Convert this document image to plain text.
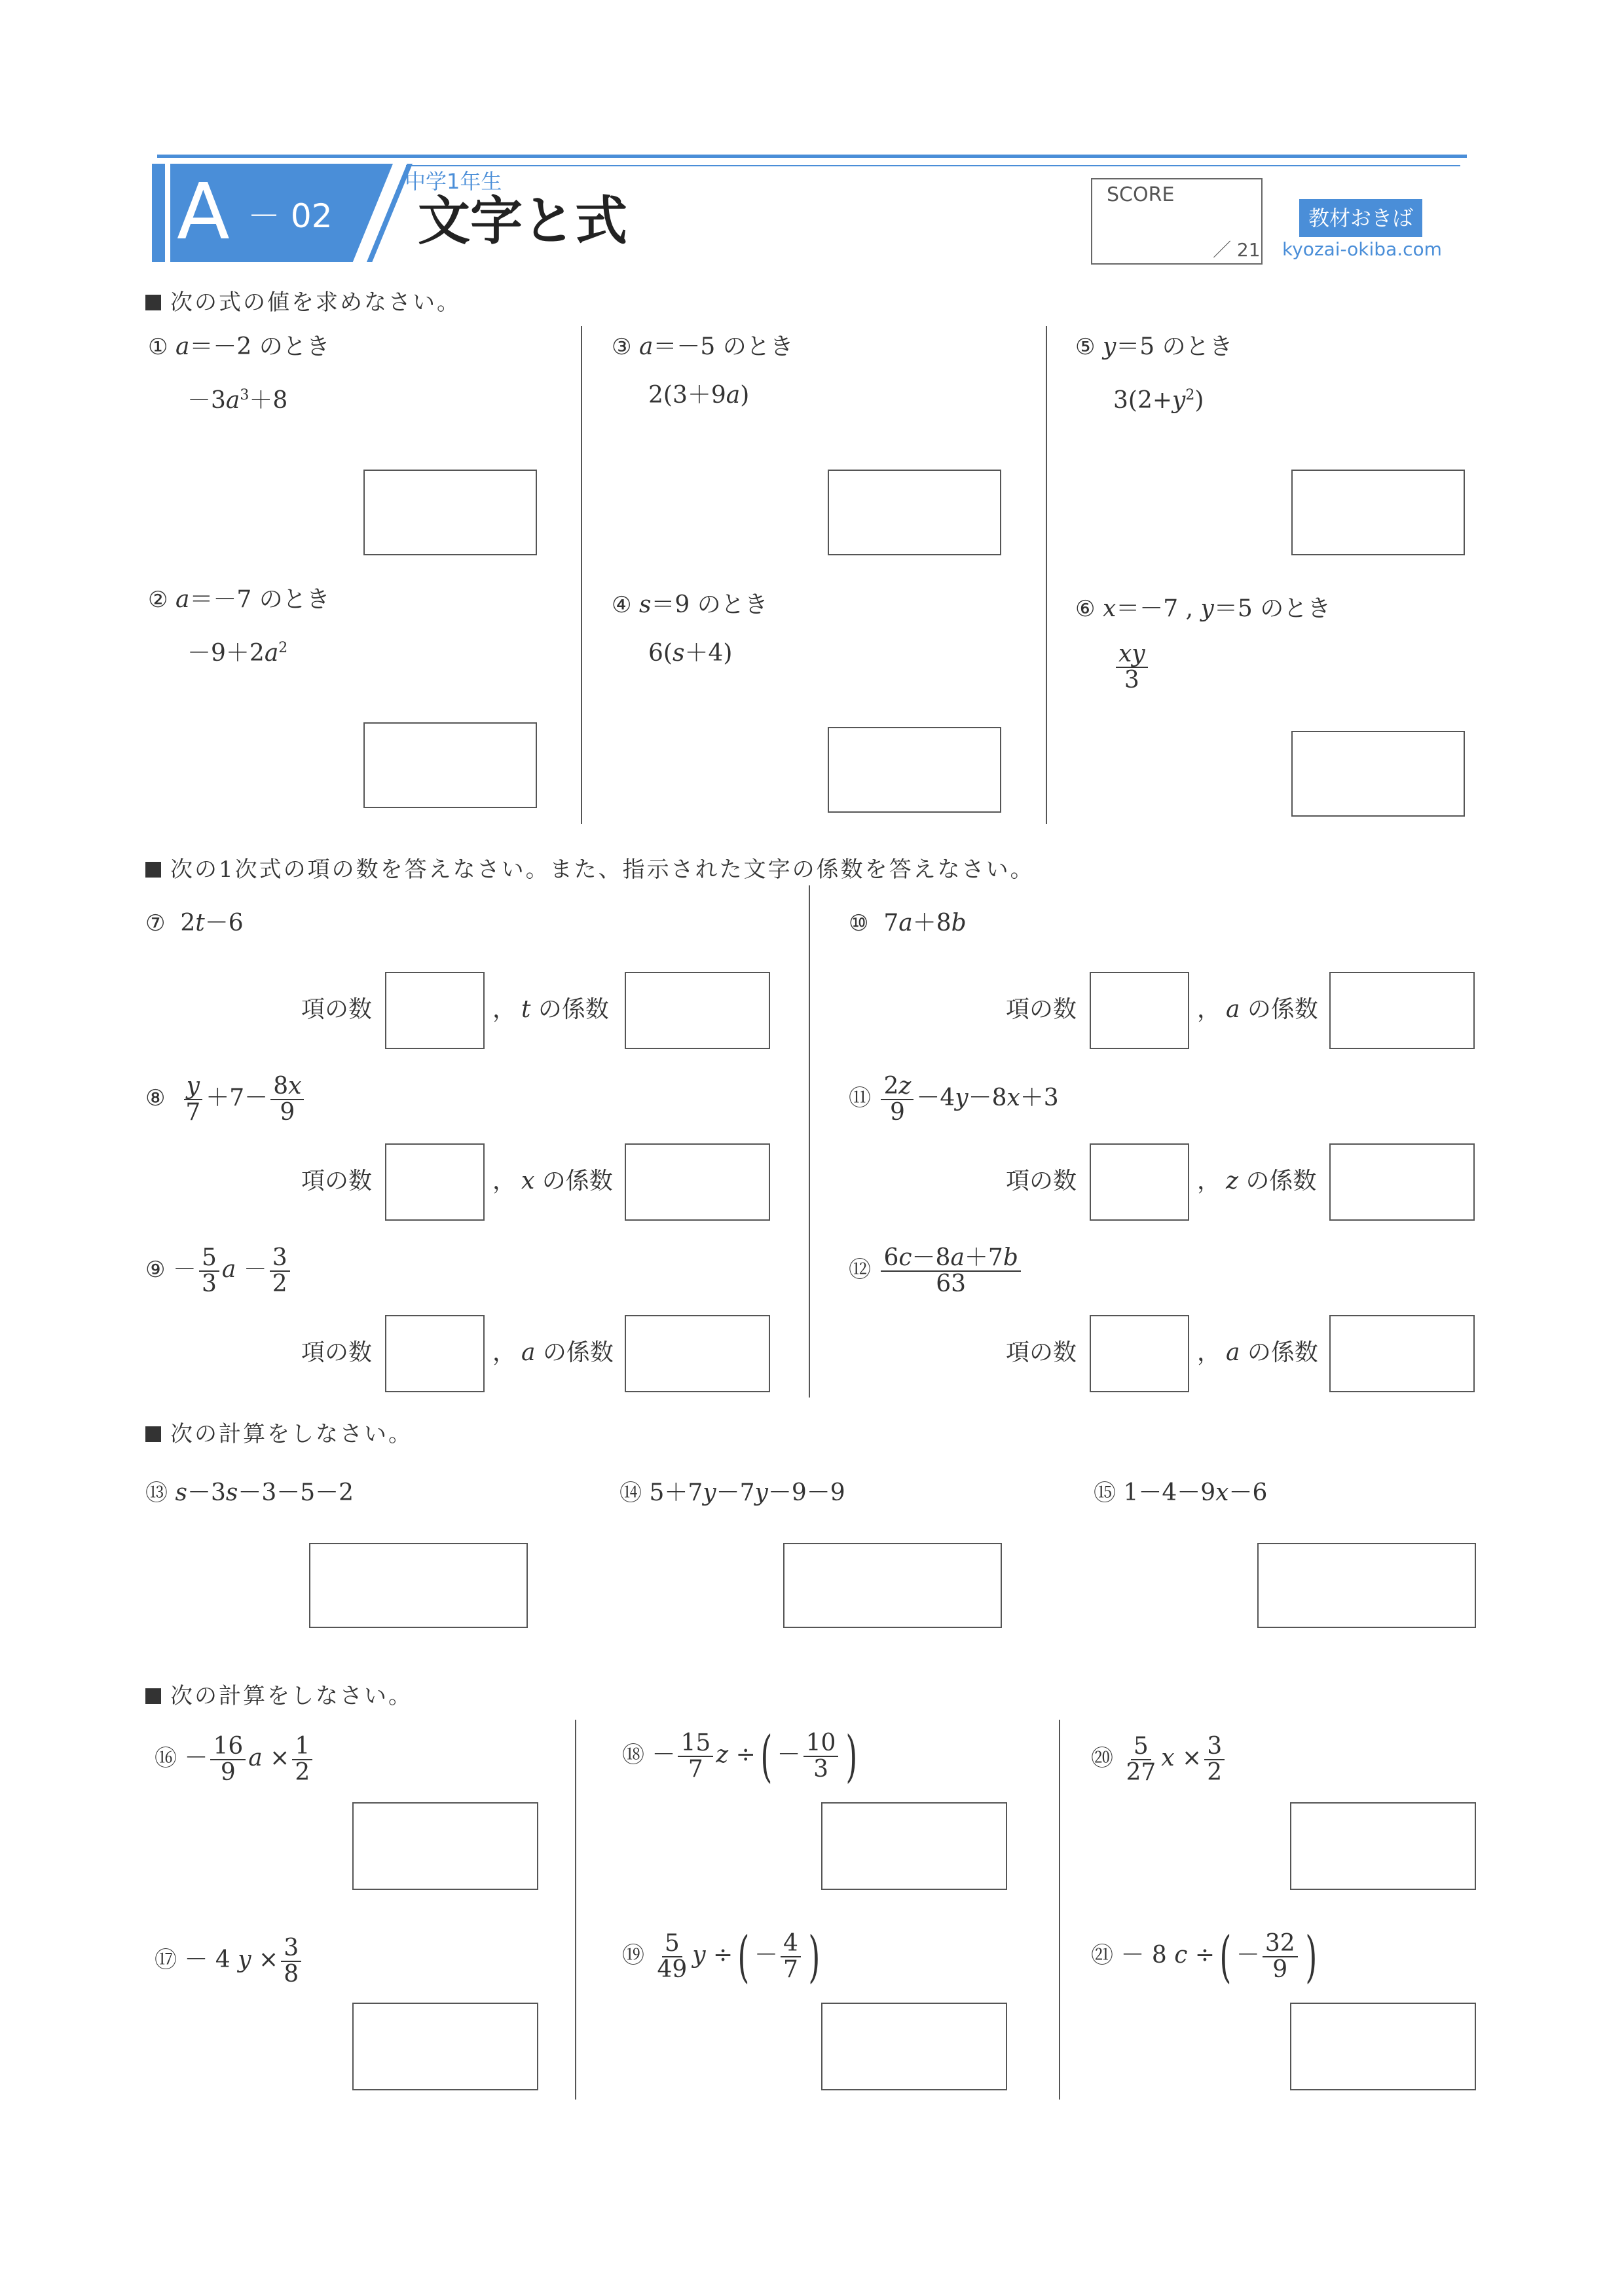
A － 02
中学1年生
文字と式	SCORE
／ 21
教材おきば
kyozai-okiba.com
次の式の値を求めなさい。
① a＝－2 のとき
$-3a^3+8$
② a＝－7 のとき
$-9+2a^2$
③ a＝－5 のとき
2(3＋9a)
④ s＝9 のとき
6(s＋4)
⑤ y＝5 のとき
$3(2+y^2)$
⑥ x＝－7 , y＝5 のとき
$\frac{xy}{3}$
次の1次式の項の数を答えなさい。また、指示された文字の係数を答えなさい。
⑦  2t－6
項の数	， t の係数
⑧ $\frac{y}{7} +7- \frac{8x}{9}$
項の数	， x の係数
⑨ － $\frac{5}{3}$ $a - \frac{3}{2}$
項の数	， a の係数
⑩  7a＋8b
項の数	， a の係数
⑪ $\frac{2z}{9} -4y-8x+3$
項の数	， z の係数
⑫ $\frac{6c-8a+7b}{63}$
項の数	， a の係数
次の計算をしなさい。
⑬ s－3s－3－5－2	⑭ 5＋7y－7y－9－9	⑮ 1－4－9x－6
次の計算をしなさい。
⑯ － $\frac{16}{9}$ $a \times \frac{1}{2}$
⑰ － 4 $y \times \frac{3}{8}$
⑱ － $\frac{15}{7}$ z ÷( － $\frac{10}{3}$ )
⑲ $\frac{5}{49}$ y ÷( － $\frac{4}{7}$ )
⑳ $\frac{5}{27}$ $x \times \frac{3}{2}$
㉑ － 8 c ÷( － $\frac{32}{9}$ )
